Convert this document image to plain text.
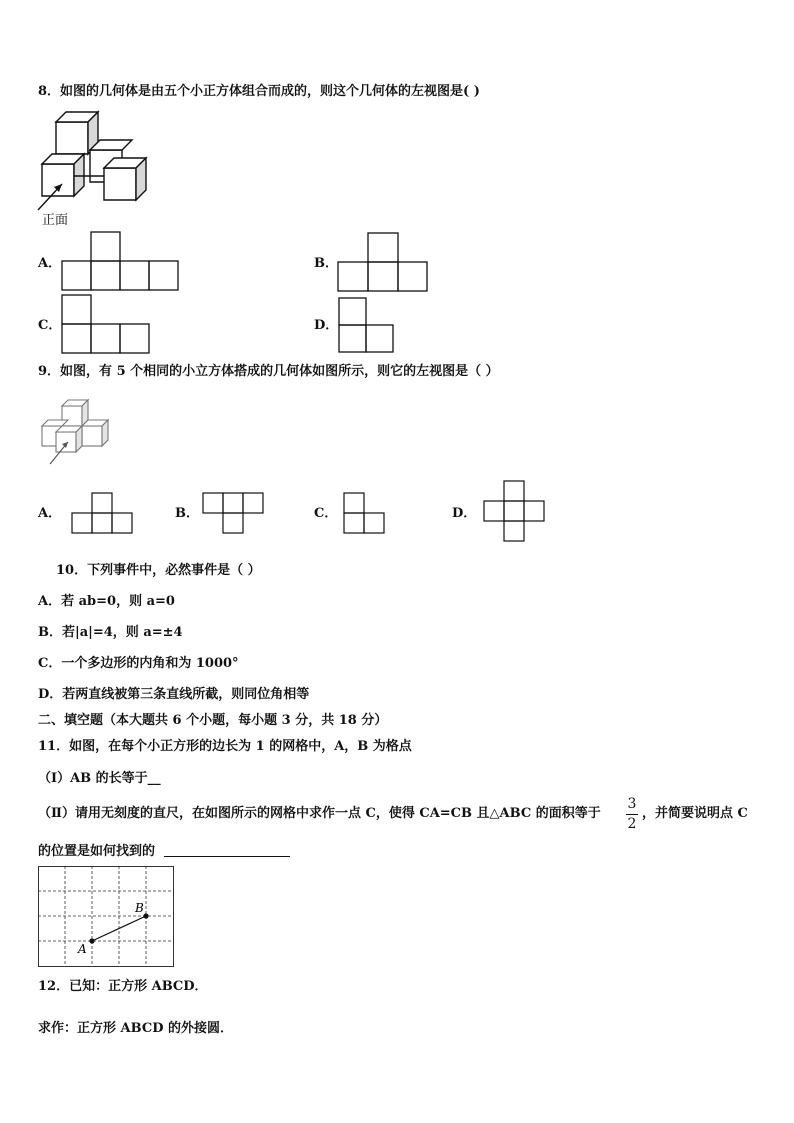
8．如图的几何体是由五个小正方体组合而成的，则这个几何体的左视图是( )
正面
A．	B．
C．	D．
9．如图，有 5 个相同的小立方体搭成的几何体如图所示，则它的左视图是（ ）
A．	B．	C．	D．
10．下列事件中，必然事件是（ ）
A．若 ab=0，则 a=0
B．若|a|=4，则 a=±4
C．一个多边形的内角和为 1000°
D．若两直线被第三条直线所截，则同位角相等
二、填空题（本大题共 6 个小题，每小题 3 分，共 18 分）
11．如图，在每个小正方形的边长为 1 的网格中，A，B 为格点
（Ⅰ）AB 的长等于__
（Ⅱ）请用无刻度的直尺，在如图所示的网格中求作一点 C，使得 CA=CB 且△ABC 的面积等于
3
2
，并简要说明点 C
的位置是如何找到的
A
B
12．已知：正方形 ABCD．
求作：正方形 ABCD 的外接圆．
